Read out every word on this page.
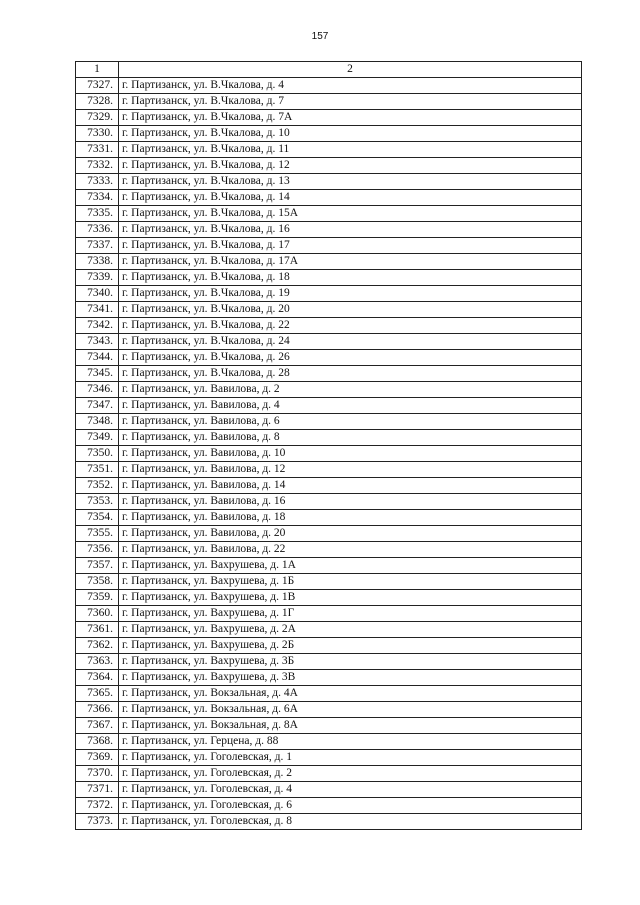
157
1	2
7327.	г. Партизанск, ул. В.Чкалова, д. 4
7328.	г. Партизанск, ул. В.Чкалова, д. 7
7329.	г. Партизанск, ул. В.Чкалова, д. 7А
7330.	г. Партизанск, ул. В.Чкалова, д. 10
7331.	г. Партизанск, ул. В.Чкалова, д. 11
7332.	г. Партизанск, ул. В.Чкалова, д. 12
7333.	г. Партизанск, ул. В.Чкалова, д. 13
7334.	г. Партизанск, ул. В.Чкалова, д. 14
7335.	г. Партизанск, ул. В.Чкалова, д. 15А
7336.	г. Партизанск, ул. В.Чкалова, д. 16
7337.	г. Партизанск, ул. В.Чкалова, д. 17
7338.	г. Партизанск, ул. В.Чкалова, д. 17А
7339.	г. Партизанск, ул. В.Чкалова, д. 18
7340.	г. Партизанск, ул. В.Чкалова, д. 19
7341.	г. Партизанск, ул. В.Чкалова, д. 20
7342.	г. Партизанск, ул. В.Чкалова, д. 22
7343.	г. Партизанск, ул. В.Чкалова, д. 24
7344.	г. Партизанск, ул. В.Чкалова, д. 26
7345.	г. Партизанск, ул. В.Чкалова, д. 28
7346.	г. Партизанск, ул. Вавилова, д. 2
7347.	г. Партизанск, ул. Вавилова, д. 4
7348.	г. Партизанск, ул. Вавилова, д. 6
7349.	г. Партизанск, ул. Вавилова, д. 8
7350.	г. Партизанск, ул. Вавилова, д. 10
7351.	г. Партизанск, ул. Вавилова, д. 12
7352.	г. Партизанск, ул. Вавилова, д. 14
7353.	г. Партизанск, ул. Вавилова, д. 16
7354.	г. Партизанск, ул. Вавилова, д. 18
7355.	г. Партизанск, ул. Вавилова, д. 20
7356.	г. Партизанск, ул. Вавилова, д. 22
7357.	г. Партизанск, ул. Вахрушева, д. 1А
7358.	г. Партизанск, ул. Вахрушева, д. 1Б
7359.	г. Партизанск, ул. Вахрушева, д. 1В
7360.	г. Партизанск, ул. Вахрушева, д. 1Г
7361.	г. Партизанск, ул. Вахрушева, д. 2А
7362.	г. Партизанск, ул. Вахрушева, д. 2Б
7363.	г. Партизанск, ул. Вахрушева, д. 3Б
7364.	г. Партизанск, ул. Вахрушева, д. 3В
7365.	г. Партизанск, ул. Вокзальная, д. 4А
7366.	г. Партизанск, ул. Вокзальная, д. 6А
7367.	г. Партизанск, ул. Вокзальная, д. 8А
7368.	г. Партизанск, ул. Герцена, д. 88
7369.	г. Партизанск, ул. Гоголевская, д. 1
7370.	г. Партизанск, ул. Гоголевская, д. 2
7371.	г. Партизанск, ул. Гоголевская, д. 4
7372.	г. Партизанск, ул. Гоголевская, д. 6
7373.	г. Партизанск, ул. Гоголевская, д. 8
